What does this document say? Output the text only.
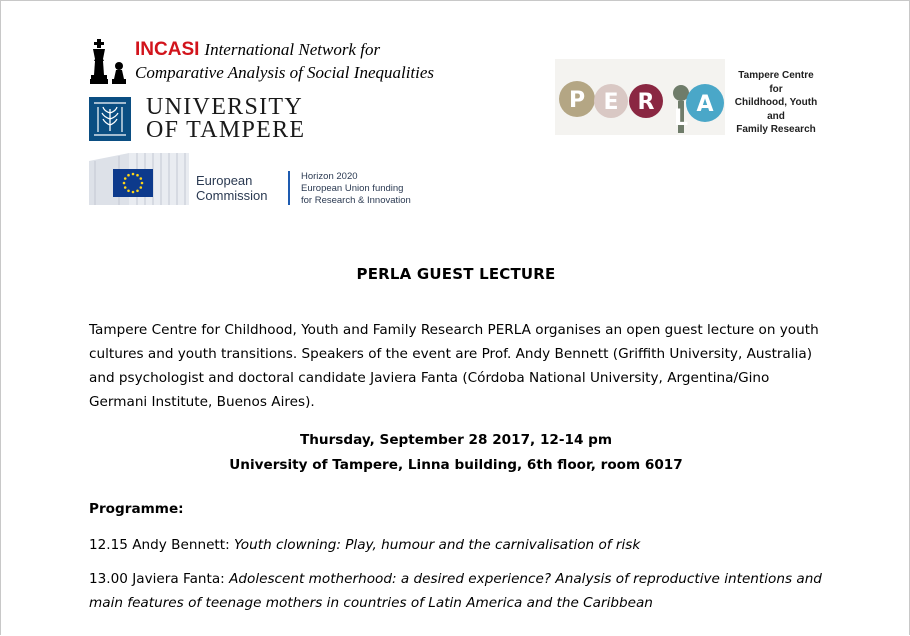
INCASI International Network for
Comparative Analysis of Social Inequalities
UNIVERSITY
OF TAMPERE
European
Commission
Horizon 2020
European Union funding
for Research & Innovation
P E R
L
A
Tampere Centre
for
Childhood, Youth
and
Family Research
PERLA GUEST LECTURE
Tampere Centre for Childhood, Youth and Family Research PERLA organises an open guest lecture on youth cultures and youth transitions. Speakers of the event are Prof. Andy Bennett (Griffith University, Australia) and psychologist and doctoral candidate Javiera Fanta (Córdoba National University, Argentina/Gino Germani Institute, Buenos Aires).
Thursday, September 28 2017, 12-14 pm
University of Tampere, Linna building, 6th floor, room 6017
Programme:
12.15 Andy Bennett: Youth clowning: Play, humour and the carnivalisation of risk
13.00 Javiera Fanta: Adolescent motherhood: a desired experience? Analysis of reproductive intentions and main features of teenage mothers in countries of Latin America and the Caribbean
